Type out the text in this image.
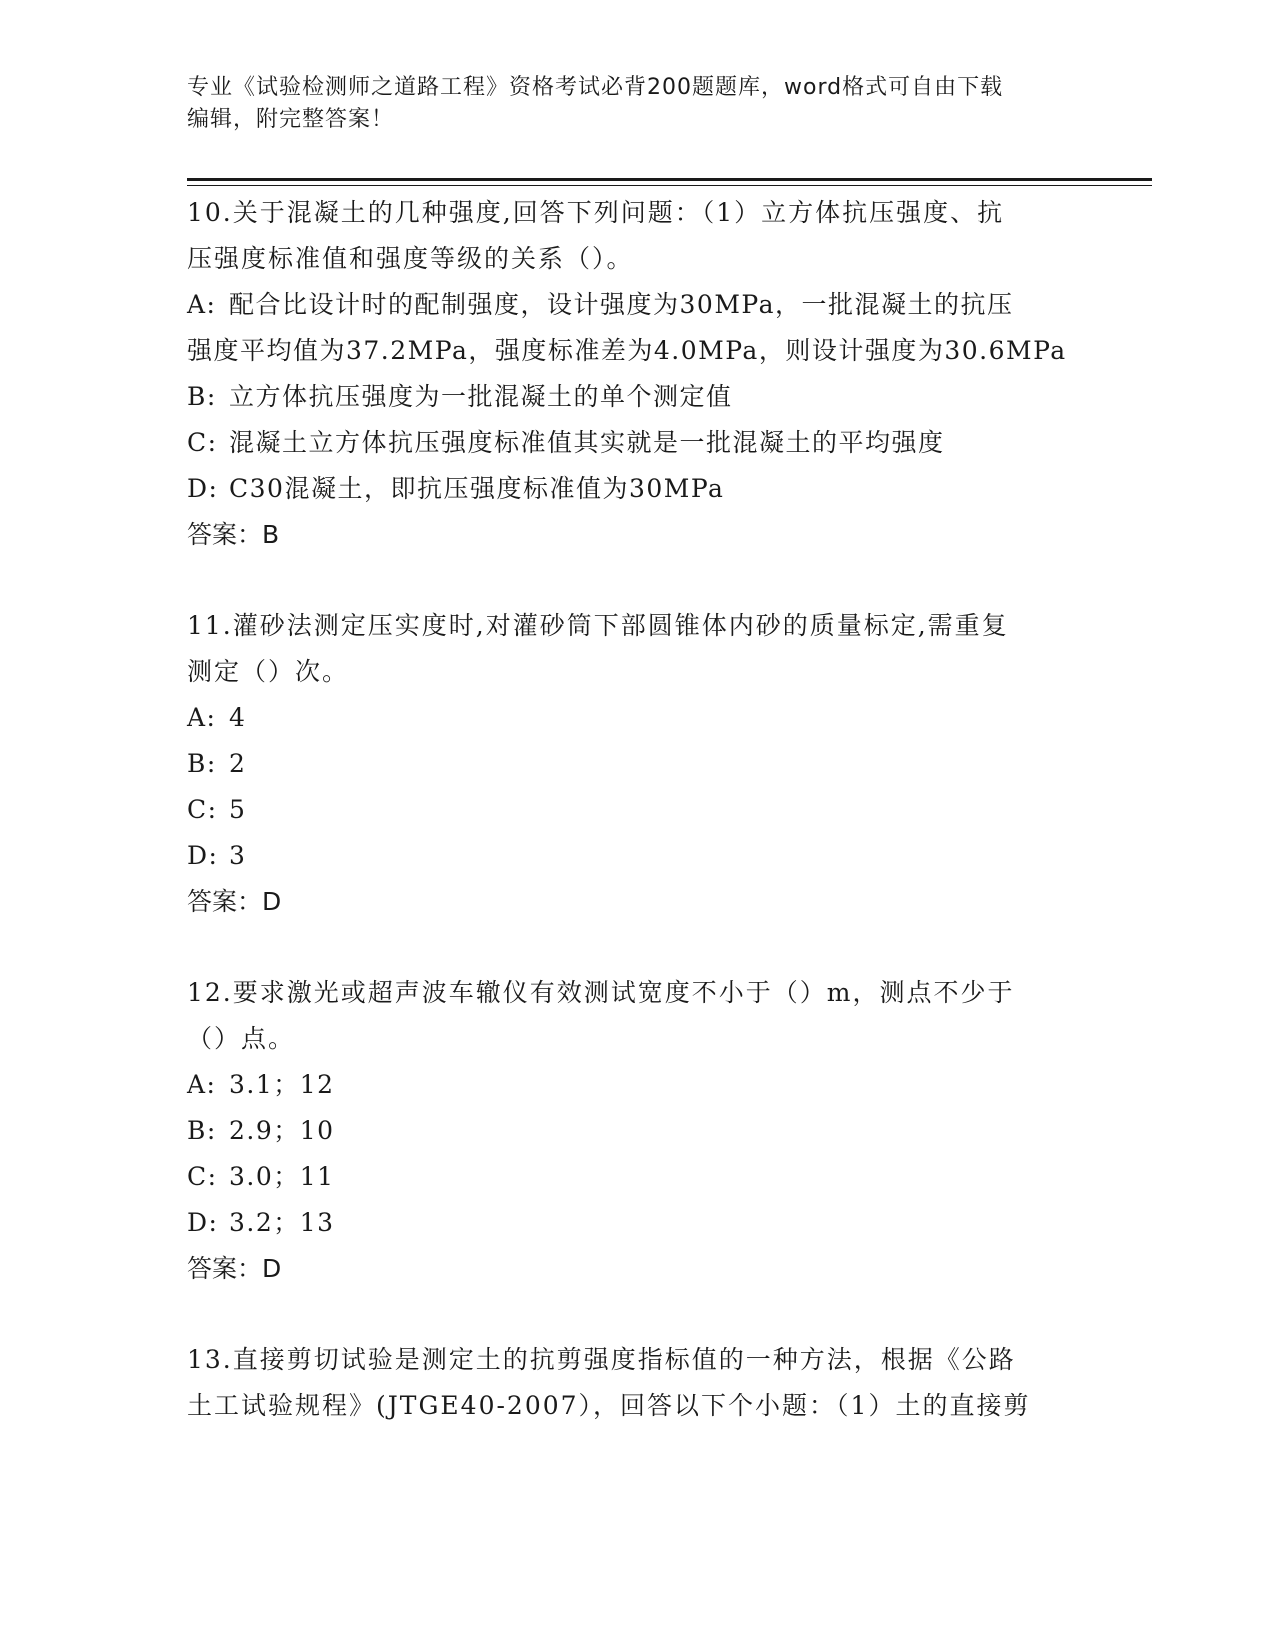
专业《试验检测师之道路工程》资格考试必背200题题库，word格式可自由下载
编辑，附完整答案！

10.关于混凝土的几种强度,回答下列问题：（1）立方体抗压强度、抗

压强度标准值和强度等级的关系（）。

A: 配合比设计时的配制强度，设计强度为30MPa，一批混凝土的抗压

强度平均值为37.2MPa，强度标准差为4.0MPa，则设计强度为30.6MPa

B: 立方体抗压强度为一批混凝土的单个测定值

C: 混凝土立方体抗压强度标准值其实就是一批混凝土的平均强度

D: C30混凝土，即抗压强度标准值为30MPa

答案：B

11.灌砂法测定压实度时,对灌砂筒下部圆锥体内砂的质量标定,需重复

测定（）次。

A: 4

B: 2

C: 5

D: 3

答案：D

12.要求激光或超声波车辙仪有效测试宽度不小于（）m，测点不少于

（）点。

A: 3.1；12

B: 2.9；10

C: 3.0；11

D: 3.2；13

答案：D

13.直接剪切试验是测定土的抗剪强度指标值的一种方法，根据《公路

土工试验规程》(JTGE40-2007），回答以下个小题：（1）土的直接剪
